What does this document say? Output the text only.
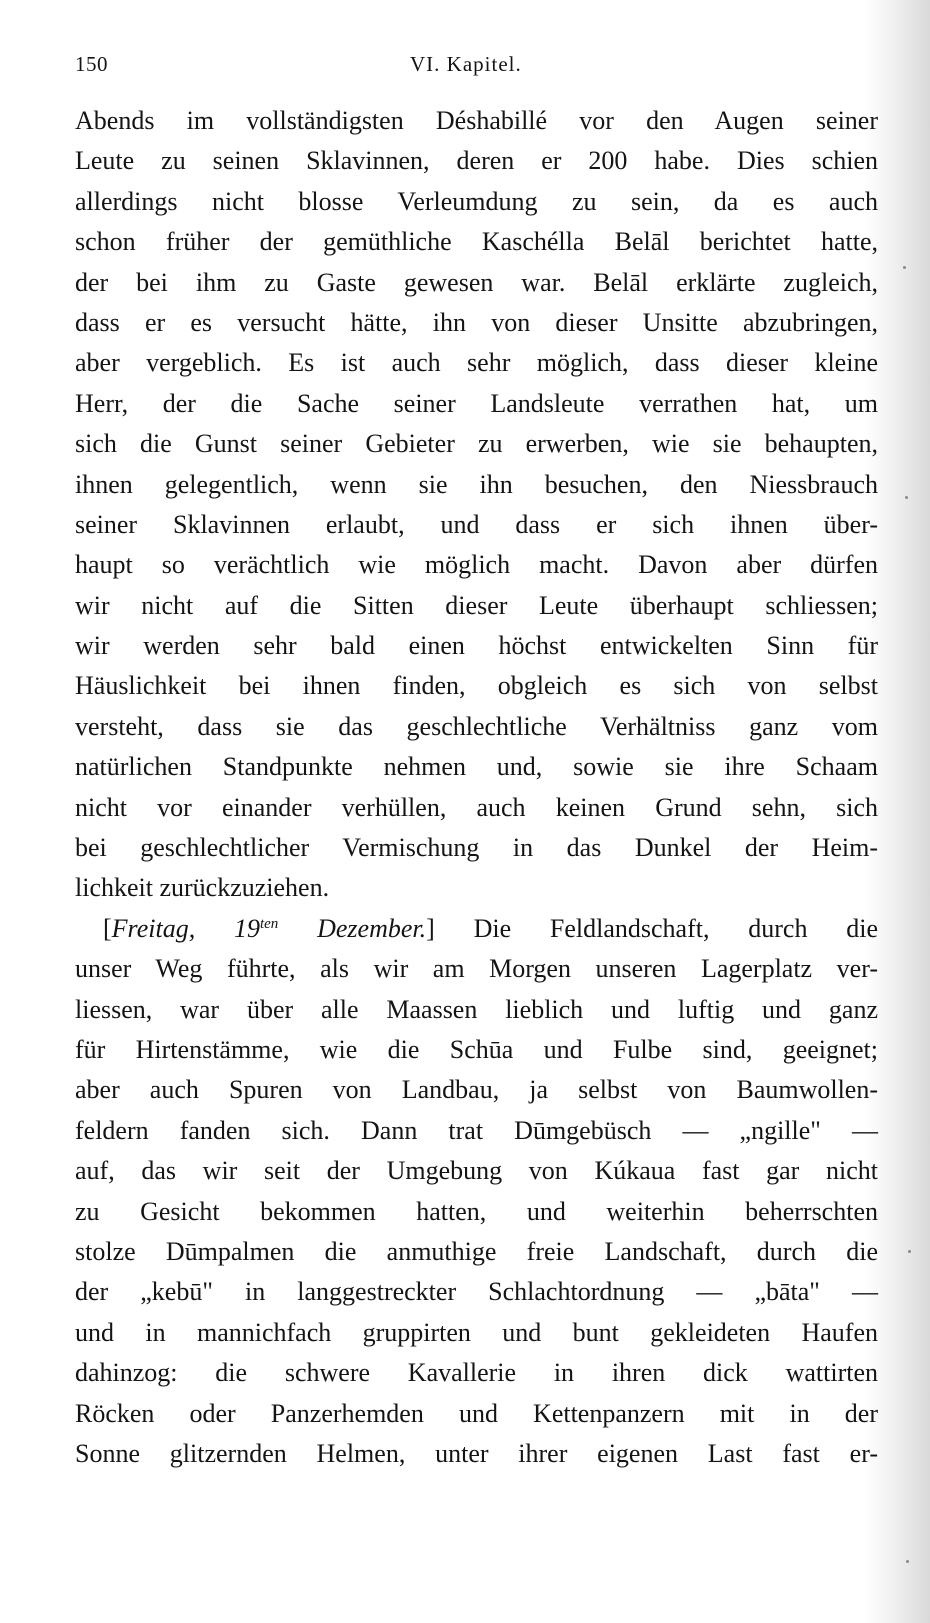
150	VI. Kapitel.
Abends im vollständigsten Déshabillé vor den Augen seiner
Leute zu seinen Sklavinnen, deren er 200 habe. Dies schien
allerdings nicht blosse Verleumdung zu sein, da es auch
schon früher der gemüthliche Kaschélla Belāl berichtet hatte,
der bei ihm zu Gaste gewesen war. Belāl erklärte zugleich,
dass er es versucht hätte, ihn von dieser Unsitte abzubringen,
aber vergeblich. Es ist auch sehr möglich, dass dieser kleine
Herr, der die Sache seiner Landsleute verrathen hat, um
sich die Gunst seiner Gebieter zu erwerben, wie sie behaupten,
ihnen gelegentlich, wenn sie ihn besuchen, den Niessbrauch
seiner Sklavinnen erlaubt, und dass er sich ihnen über-
haupt so verächtlich wie möglich macht. Davon aber dürfen
wir nicht auf die Sitten dieser Leute überhaupt schliessen;
wir werden sehr bald einen höchst entwickelten Sinn für
Häuslichkeit bei ihnen finden, obgleich es sich von selbst
versteht, dass sie das geschlechtliche Verhältniss ganz vom
natürlichen Standpunkte nehmen und, sowie sie ihre Schaam
nicht vor einander verhüllen, auch keinen Grund sehn, sich
bei geschlechtlicher Vermischung in das Dunkel der Heim-
lichkeit zurückzuziehen.
[Freitag, $19^{ten}$ Dezember.] Die Feldlandschaft, durch die
unser Weg führte, als wir am Morgen unseren Lagerplatz ver-
liessen, war über alle Maassen lieblich und luftig und ganz
für Hirtenstämme, wie die Schūa und Fulbe sind, geeignet;
aber auch Spuren von Landbau, ja selbst von Baumwollen-
feldern fanden sich. Dann trat Dūmgebüsch — „ngille" —
auf, das wir seit der Umgebung von Kúkaua fast gar nicht
zu Gesicht bekommen hatten, und weiterhin beherrschten
stolze Dūmpalmen die anmuthige freie Landschaft, durch die
der „kebū" in langgestreckter Schlachtordnung — „bāta" —
und in mannichfach gruppirten und bunt gekleideten Haufen
dahinzog: die schwere Kavallerie in ihren dick wattirten
Röcken oder Panzerhemden und Kettenpanzern mit in der
Sonne glitzernden Helmen, unter ihrer eigenen Last fast er-
